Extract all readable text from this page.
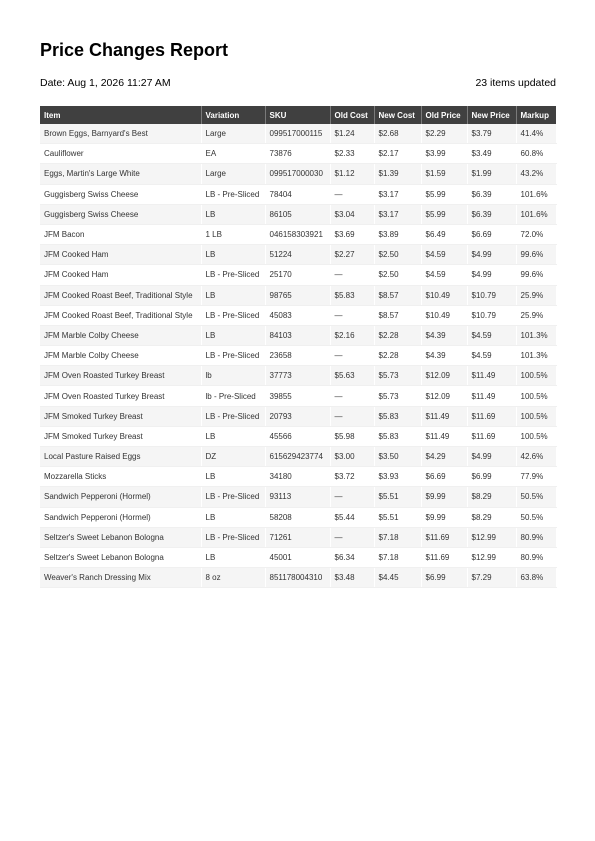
Price Changes Report
Date: Aug 1, 2026 11:27 AM	23 items updated
Item	Variation	SKU	Old Cost	New Cost	Old Price	New Price	Markup
Brown Eggs, Barnyard's Best	Large	099517000115	$1.24	$2.68	$2.29	$3.79	41.4%
Cauliflower	EA	73876	$2.33	$2.17	$3.99	$3.49	60.8%
Eggs, Martin's Large White	Large	099517000030	$1.12	$1.39	$1.59	$1.99	43.2%
Guggisberg Swiss Cheese	LB - Pre-Sliced	78404	—	$3.17	$5.99	$6.39	101.6%
Guggisberg Swiss Cheese	LB	86105	$3.04	$3.17	$5.99	$6.39	101.6%
JFM Bacon	1 LB	046158303921	$3.69	$3.89	$6.49	$6.69	72.0%
JFM Cooked Ham	LB	51224	$2.27	$2.50	$4.59	$4.99	99.6%
JFM Cooked Ham	LB - Pre-Sliced	25170	—	$2.50	$4.59	$4.99	99.6%
JFM Cooked Roast Beef, Traditional Style	LB	98765	$5.83	$8.57	$10.49	$10.79	25.9%
JFM Cooked Roast Beef, Traditional Style	LB - Pre-Sliced	45083	—	$8.57	$10.49	$10.79	25.9%
JFM Marble Colby Cheese	LB	84103	$2.16	$2.28	$4.39	$4.59	101.3%
JFM Marble Colby Cheese	LB - Pre-Sliced	23658	—	$2.28	$4.39	$4.59	101.3%
JFM Oven Roasted Turkey Breast	lb	37773	$5.63	$5.73	$12.09	$11.49	100.5%
JFM Oven Roasted Turkey Breast	lb - Pre-Sliced	39855	—	$5.73	$12.09	$11.49	100.5%
JFM Smoked Turkey Breast	LB - Pre-Sliced	20793	—	$5.83	$11.49	$11.69	100.5%
JFM Smoked Turkey Breast	LB	45566	$5.98	$5.83	$11.49	$11.69	100.5%
Local Pasture Raised Eggs	DZ	615629423774	$3.00	$3.50	$4.29	$4.99	42.6%
Mozzarella Sticks	LB	34180	$3.72	$3.93	$6.69	$6.99	77.9%
Sandwich Pepperoni (Hormel)	LB - Pre-Sliced	93113	—	$5.51	$9.99	$8.29	50.5%
Sandwich Pepperoni (Hormel)	LB	58208	$5.44	$5.51	$9.99	$8.29	50.5%
Seltzer's Sweet Lebanon Bologna	LB - Pre-Sliced	71261	—	$7.18	$11.69	$12.99	80.9%
Seltzer's Sweet Lebanon Bologna	LB	45001	$6.34	$7.18	$11.69	$12.99	80.9%
Weaver's Ranch Dressing Mix	8 oz	851178004310	$3.48	$4.45	$6.99	$7.29	63.8%
